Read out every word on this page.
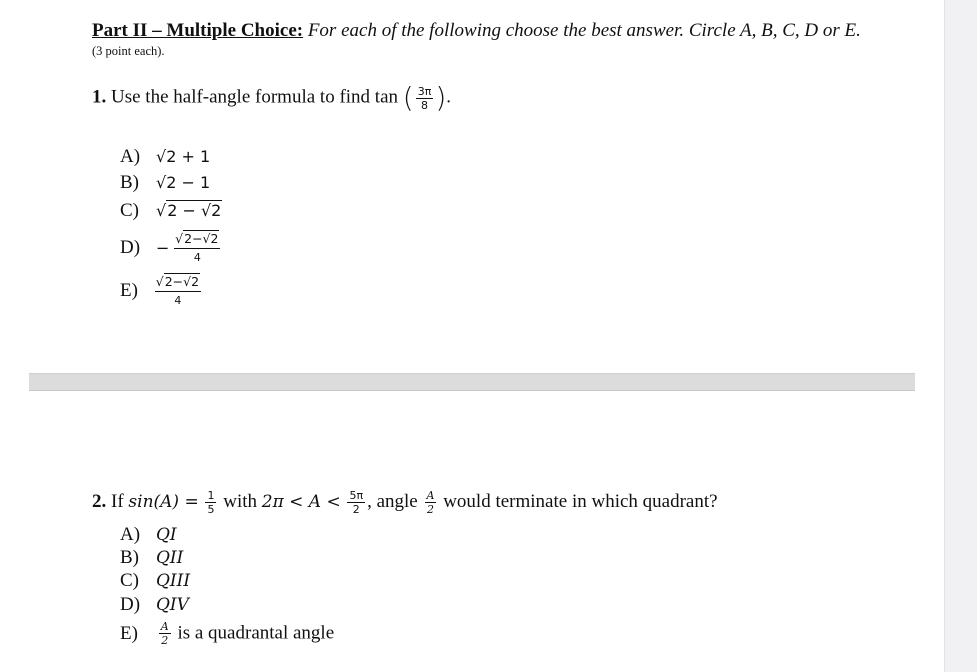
Part II – Multiple Choice: For each of the following choose the best answer. Circle A, B, C, D or E.
(3 point each).
1. Use the half-angle formula to find tan ( $\frac{3\pi}{8}$ ).
A) √2 + 1
B) √2 − 1
C) √2 − √2
$D) - \frac{√2-√2}{4}$
$E) \frac{√2-√2}{4}$
2. If $\sin(A) = \frac{1}{5}$ with $2\pi < A < \frac{5\pi}{2}$ , angle $\frac{A}{2}$ would terminate in which quadrant?
A) QI
B) QII
C) QIII
D) QIV
$E) \frac{A}{2}$ is a quadrantal angle
